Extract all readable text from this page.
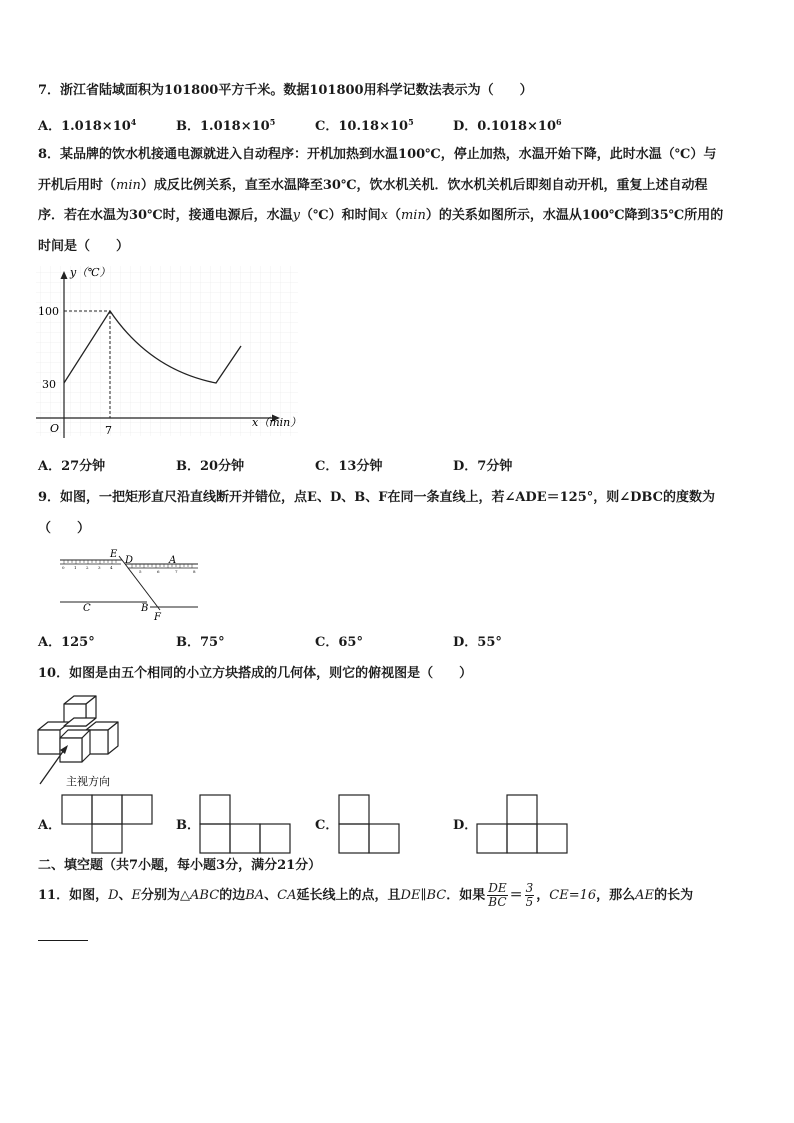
7．浙江省陆域面积为101800平方千米。数据101800用科学记数法表示为（　　）
A．$1.018\times 10^4$	B．$1.018\times 10^5$	C．$10.18\times 10^5$	D．$0.1018\times 10^6$
8．某品牌的饮水机接通电源就进入自动程序：开机加热到水温100℃，停止加热，水温开始下降，此时水温（℃）与
开机后用时（min）成反比例关系，直至水温降至30℃，饮水机关机．饮水机关机后即刻自动开机，重复上述自动程
序．若在水温为30℃时，接通电源后，水温y（℃）和时间x（min）的关系如图所示，水温从100℃降到35℃所用的
时间是（　　）
y（℃）
x（min）
O
100
30
7
A．27分钟	B．20分钟	C．13分钟	D．7分钟
9．如图，一把矩形直尺沿直线断开并错位，点E、D、B、F在同一条直线上，若∠ADE＝125°，则∠DBC的度数为
（　　）
0 1 2 3 4
5	6	7	8
E
D	A
C	B
F
A．125°	B．75°	C．65°	D．55°
10．如图是由五个相同的小立方块搭成的几何体，则它的俯视图是（　　）
主视方向
A．	B．	C．	D．
二、填空题（共7小题，每小题3分，满分21分）
11．如图，D、E分别为△ABC的边BA、CA延长线上的点，且DE∥BC．如果 $\frac{DE}{BC} = \frac{3}{5}$ ，CE=16，那么AE的长为
